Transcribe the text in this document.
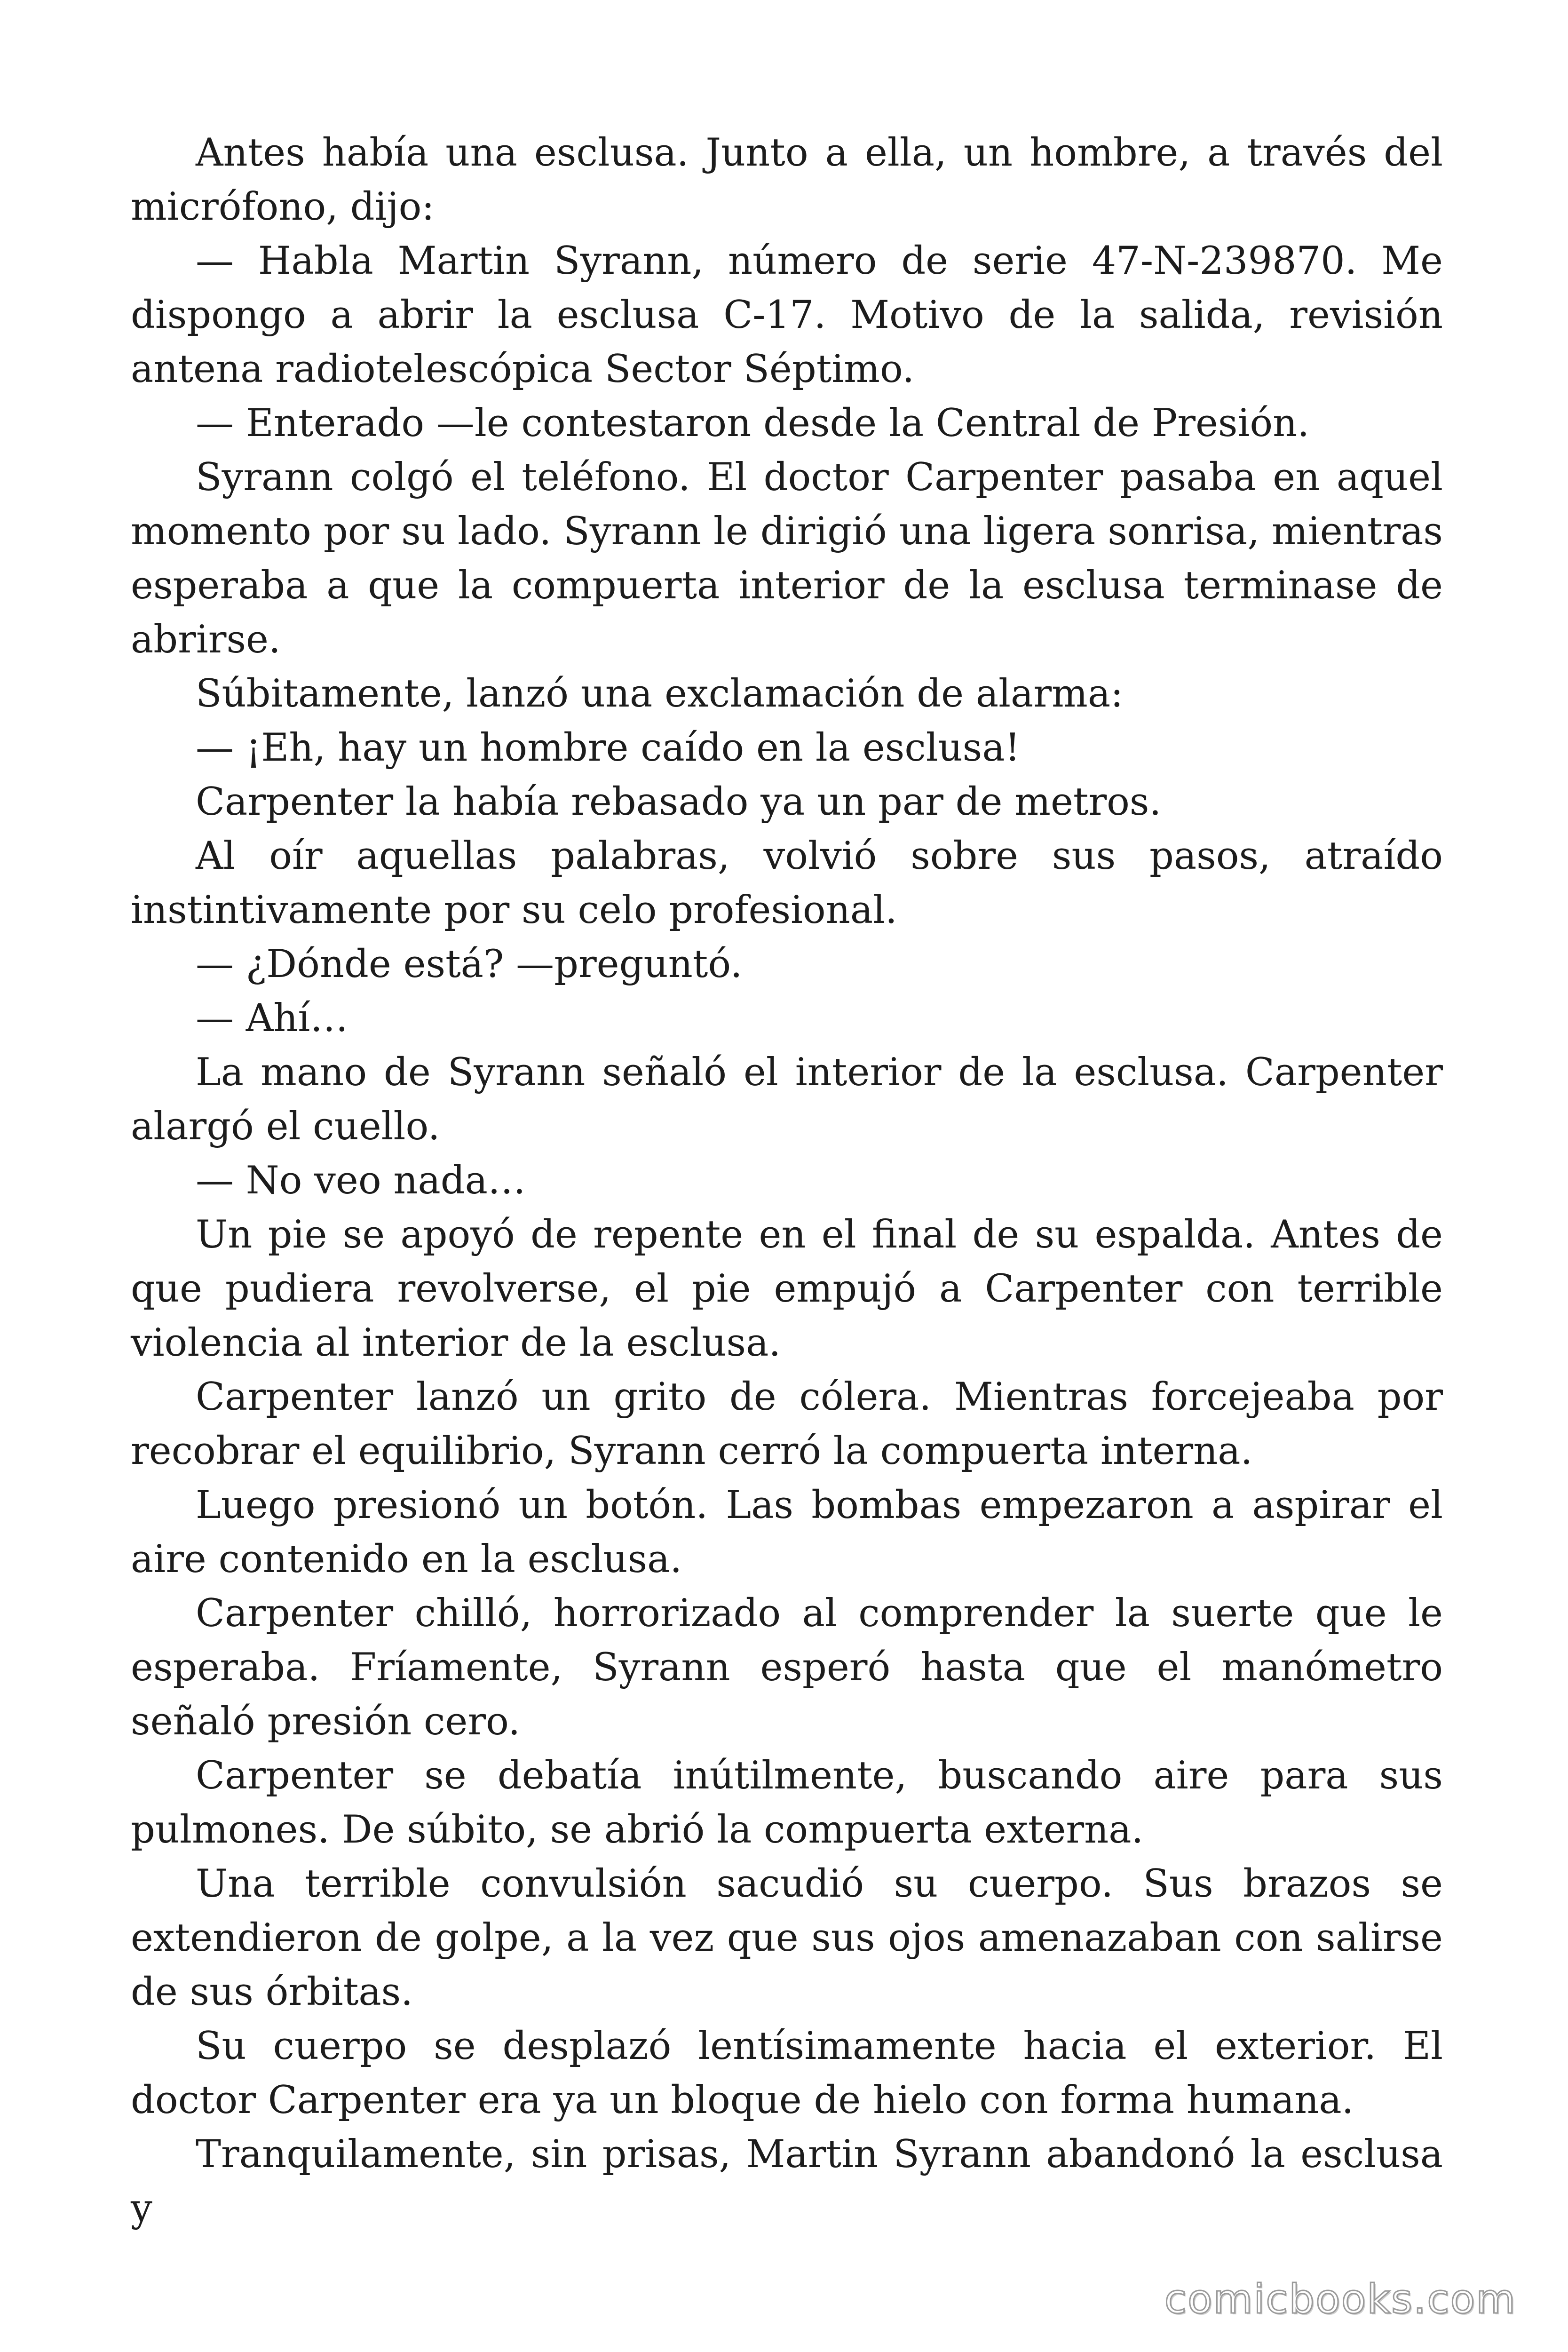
Antes había una esclusa. Junto a ella, un hombre, a través del micrófono, dijo:

— Habla Martin Syrann, número de serie 47-N-239870. Me dispongo a abrir la esclusa C-17. Motivo de la salida, revisión antena radiotelescópica Sector Séptimo.

— Enterado —le contestaron desde la Central de Presión.

Syrann colgó el teléfono. El doctor Carpenter pasaba en aquel momento por su lado. Syrann le dirigió una ligera sonrisa, mientras esperaba a que la compuerta interior de la esclusa terminase de abrirse.

Súbitamente, lanzó una exclamación de alarma:

— ¡Eh, hay un hombre caído en la esclusa!

Carpenter la había rebasado ya un par de metros.

Al oír aquellas palabras, volvió sobre sus pasos, atraído instintivamente por su celo profesional.

— ¿Dónde está? —preguntó.

— Ahí…

La mano de Syrann señaló el interior de la esclusa. Carpenter alargó el cuello.

— No veo nada…

Un pie se apoyó de repente en el final de su espalda. Antes de que pudiera revolverse, el pie empujó a Carpenter con terrible violencia al interior de la esclusa.

Carpenter lanzó un grito de cólera. Mientras forcejeaba por recobrar el equilibrio, Syrann cerró la compuerta interna.

Luego presionó un botón. Las bombas empezaron a aspirar el aire contenido en la esclusa.

Carpenter chilló, horrorizado al comprender la suerte que le esperaba. Fríamente, Syrann esperó hasta que el manómetro señaló presión cero.

Carpenter se debatía inútilmente, buscando aire para sus pulmones. De súbito, se abrió la compuerta externa.

Una terrible convulsión sacudió su cuerpo. Sus brazos se extendieron de golpe, a la vez que sus ojos amenazaban con salirse de sus órbitas.

Su cuerpo se desplazó lentísimamente hacia el exterior. El doctor Carpenter era ya un bloque de hielo con forma humana.

Tranquilamente, sin prisas, Martin Syrann abandonó la esclusa y

comicbooks.com
